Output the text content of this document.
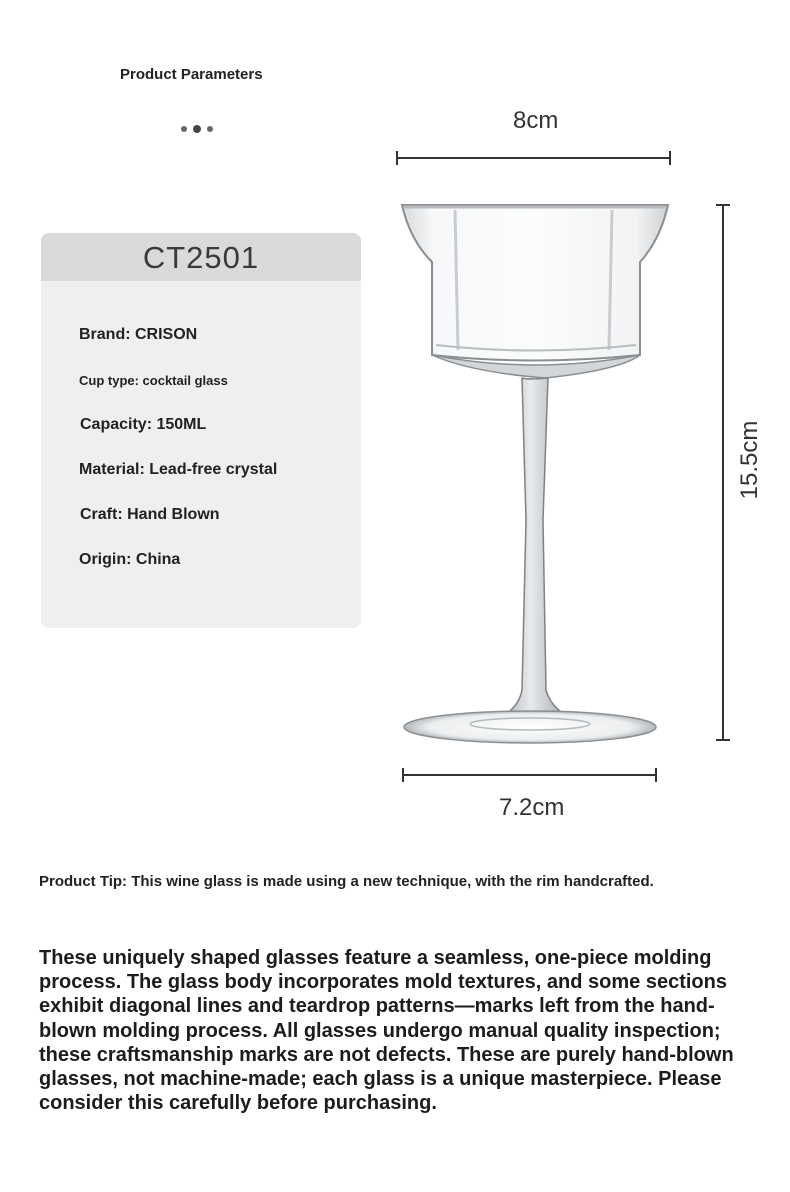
Product Parameters
CT2501
Brand: CRISON
Cup type: cocktail glass
Capacity: 150ML
Material: Lead-free crystal
Craft: Hand Blown
Origin: China
8cm
15.5cm
7.2cm
Product Tip: This wine glass is made using a new technique, with the rim handcrafted.
These uniquely shaped glasses feature a seamless, one-piece molding process. The glass body incorporates mold textures, and some sections exhibit diagonal lines and teardrop patterns—marks left from the hand-blown molding process. All glasses undergo manual quality inspection; these craftsmanship marks are not defects. These are purely hand-blown glasses, not machine-made; each glass is a unique masterpiece. Please consider this carefully before purchasing.
